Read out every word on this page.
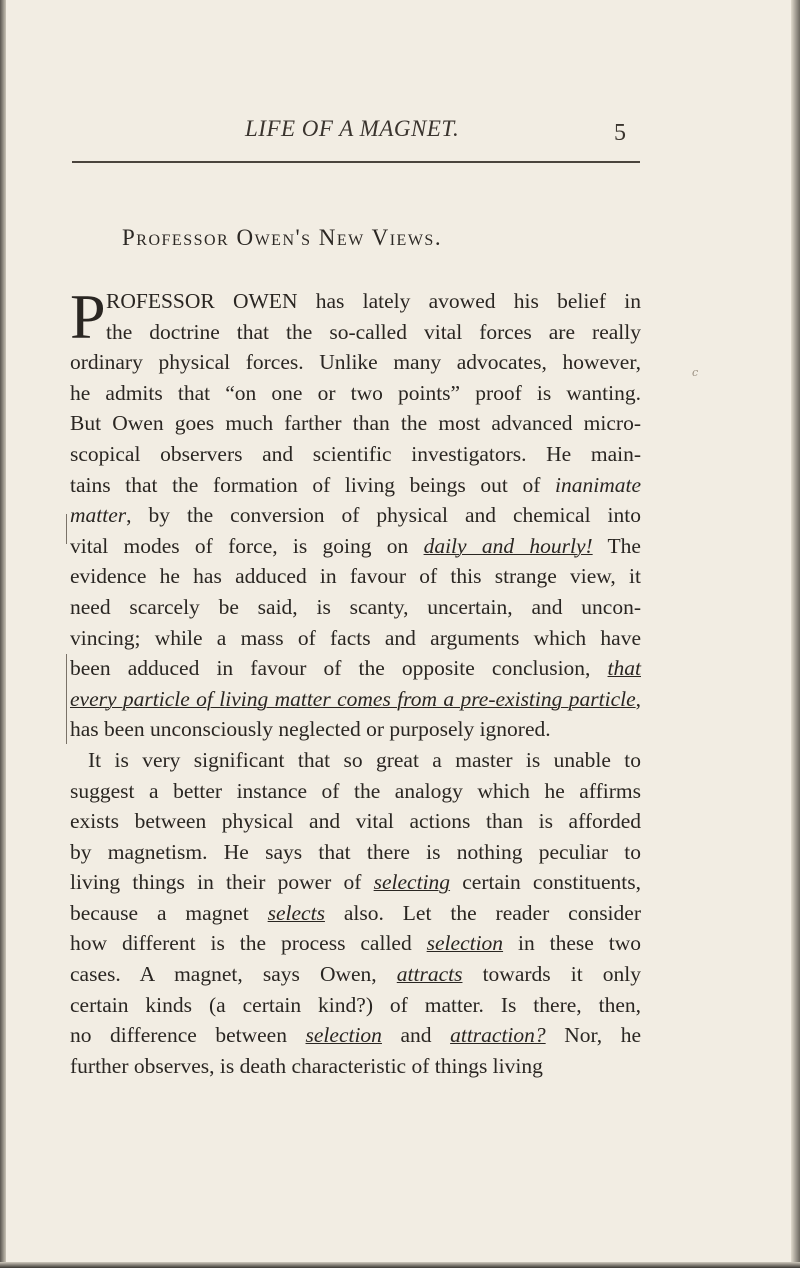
LIFE OF A MAGNET.	5
Professor Owen's New Views.
P ROFESSOR OWEN has lately avowed his belief in
the doctrine that the so-called vital forces are really
ordinary physical forces. Unlike many advocates, however,
he admits that “on one or two points” proof is wanting.
But Owen goes much farther than the most advanced micro-
scopical observers and scientific investigators. He main-
tains that the formation of living beings out of inanimate
matter, by the conversion of physical and chemical into
vital modes of force, is going on daily and hourly! The
evidence he has adduced in favour of this strange view, it
need scarcely be said, is scanty, uncertain, and uncon-
vincing; while a mass of facts and arguments which have
been adduced in favour of the opposite conclusion, that
every particle of living matter comes from a pre-existing particle,
has been unconsciously neglected or purposely ignored.
It is very significant that so great a master is unable to
suggest a better instance of the analogy which he affirms
exists between physical and vital actions than is afforded
by magnetism. He says that there is nothing peculiar to
living things in their power of selecting certain constituents,
because a magnet selects also. Let the reader consider
how different is the process called selection in these two
cases. A magnet, says Owen, attracts towards it only
certain kinds (a certain kind?) of matter. Is there, then,
no difference between selection and attraction? Nor, he
further observes, is death characteristic of things living
c
